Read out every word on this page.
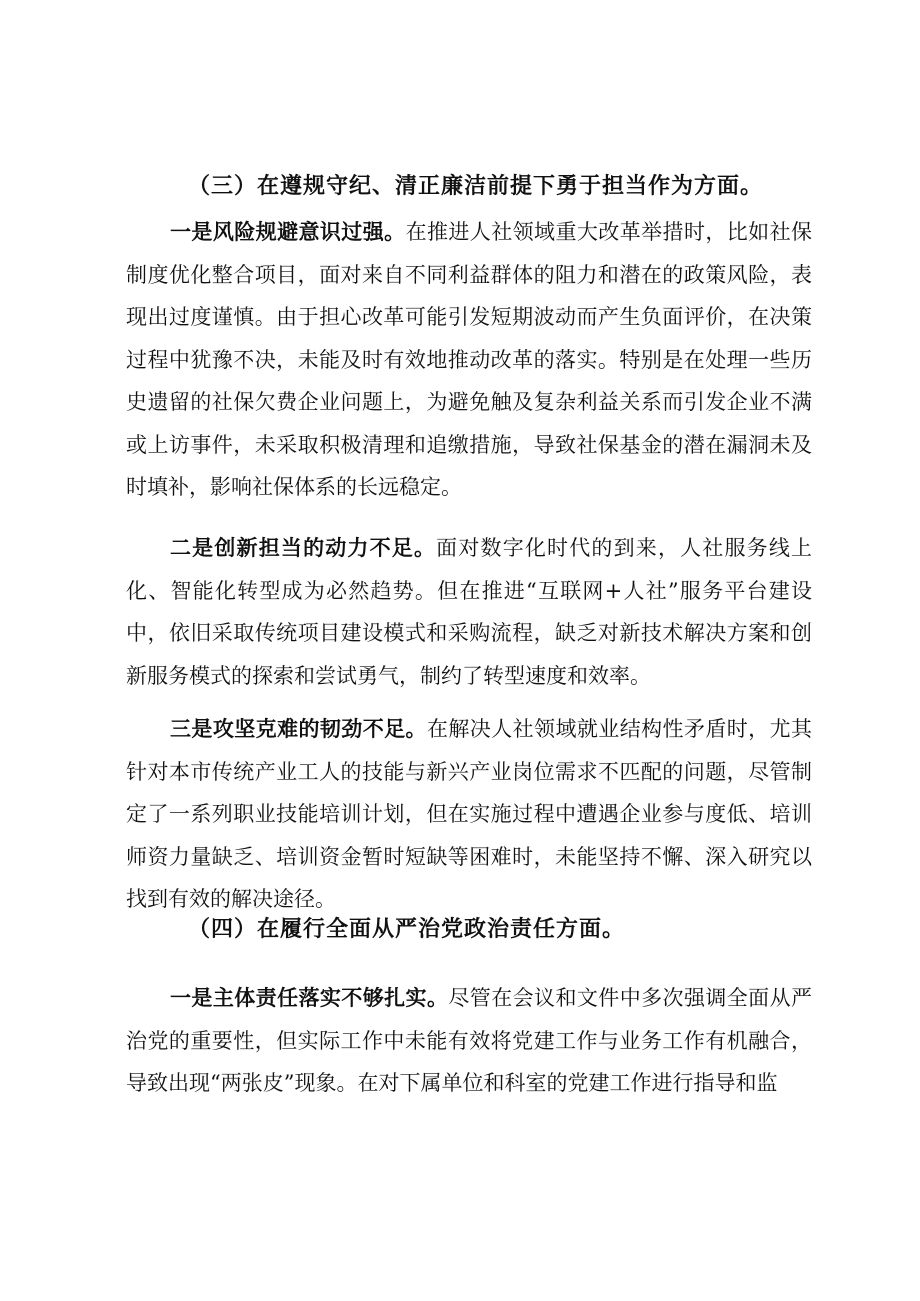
（三）在遵规守纪、清正廉洁前提下勇于担当作为方面。

一是风险规避意识过强。在推进人社领域重大改革举措时，比如社保制度优化整合项目，面对来自不同利益群体的阻力和潜在的政策风险，表现出过度谨慎。由于担心改革可能引发短期波动而产生负面评价，在决策过程中犹豫不决，未能及时有效地推动改革的落实。特别是在处理一些历史遗留的社保欠费企业问题上，为避免触及复杂利益关系而引发企业不满或上访事件，未采取积极清理和追缴措施，导致社保基金的潜在漏洞未及时填补，影响社保体系的长远稳定。

二是创新担当的动力不足。面对数字化时代的到来，人社服务线上化、智能化转型成为必然趋势。但在推进“互联网+人社”服务平台建设中，依旧采取传统项目建设模式和采购流程，缺乏对新技术解决方案和创新服务模式的探索和尝试勇气，制约了转型速度和效率。

三是攻坚克难的韧劲不足。在解决人社领域就业结构性矛盾时，尤其针对本市传统产业工人的技能与新兴产业岗位需求不匹配的问题，尽管制定了一系列职业技能培训计划，但在实施过程中遭遇企业参与度低、培训师资力量缺乏、培训资金暂时短缺等困难时，未能坚持不懈、深入研究以找到有效的解决途径。

（四）在履行全面从严治党政治责任方面。

一是主体责任落实不够扎实。尽管在会议和文件中多次强调全面从严治党的重要性，但实际工作中未能有效将党建工作与业务工作有机融合，导致出现“两张皮”现象。在对下属单位和科室的党建工作进行指导和监
